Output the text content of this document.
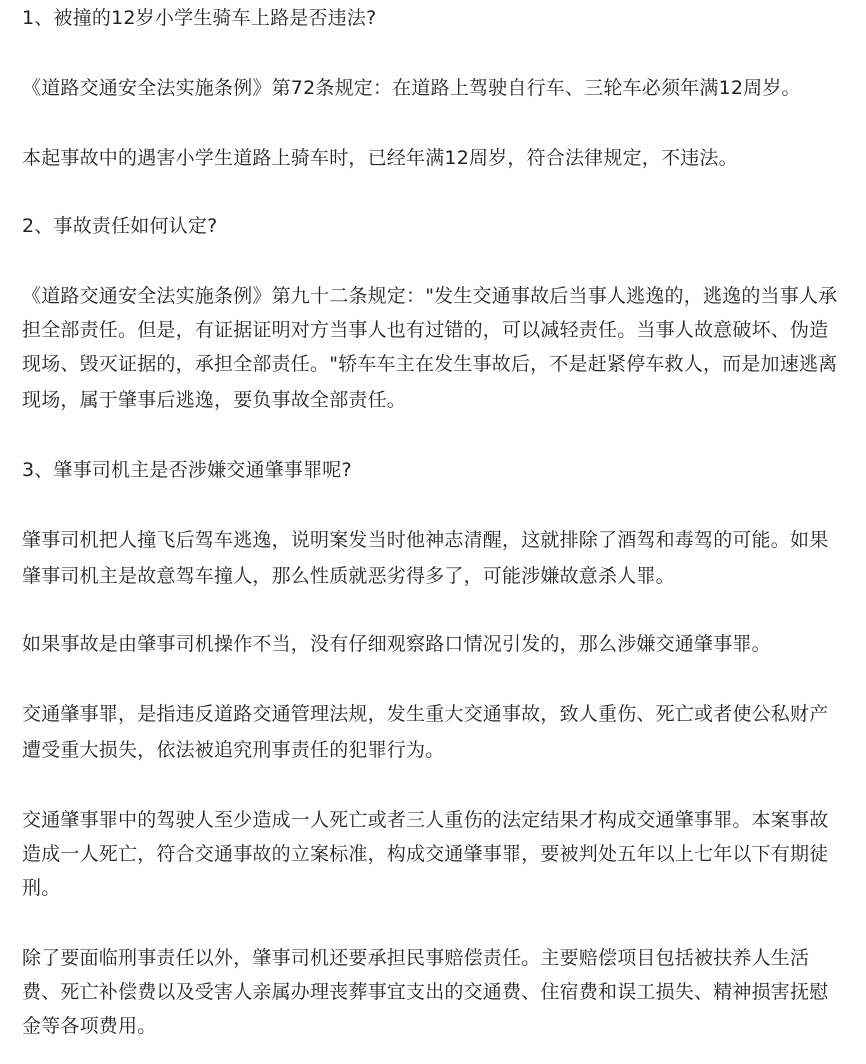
1、被撞的12岁小学生骑车上路是否违法?
《道路交通安全法实施条例》第72条规定：在道路上驾驶自行车、三轮车必须年满12周岁。
本起事故中的遇害小学生道路上骑车时，已经年满12周岁，符合法律规定，不违法。
2、事故责任如何认定?
《道路交通安全法实施条例》第九十二条规定："发生交通事故后当事人逃逸的，逃逸的当事人承
担全部责任。但是，有证据证明对方当事人也有过错的，可以减轻责任。当事人故意破坏、伪造
现场、毁灭证据的，承担全部责任。"轿车车主在发生事故后，不是赶紧停车救人，而是加速逃离
现场，属于肇事后逃逸，要负事故全部责任。
3、肇事司机主是否涉嫌交通肇事罪呢?
肇事司机把人撞飞后驾车逃逸，说明案发当时他神志清醒，这就排除了酒驾和毒驾的可能。如果
肇事司机主是故意驾车撞人，那么性质就恶劣得多了，可能涉嫌故意杀人罪。
如果事故是由肇事司机操作不当，没有仔细观察路口情况引发的，那么涉嫌交通肇事罪。
交通肇事罪，是指违反道路交通管理法规，发生重大交通事故，致人重伤、死亡或者使公私财产
遭受重大损失，依法被追究刑事责任的犯罪行为。
交通肇事罪中的驾驶人至少造成一人死亡或者三人重伤的法定结果才构成交通肇事罪。本案事故
造成一人死亡，符合交通事故的立案标准，构成交通肇事罪，要被判处五年以上七年以下有期徒
刑。
除了要面临刑事责任以外，肇事司机还要承担民事赔偿责任。主要赔偿项目包括被扶养人生活
费、死亡补偿费以及受害人亲属办理丧葬事宜支出的交通费、住宿费和误工损失、精神损害抚慰
金等各项费用。
